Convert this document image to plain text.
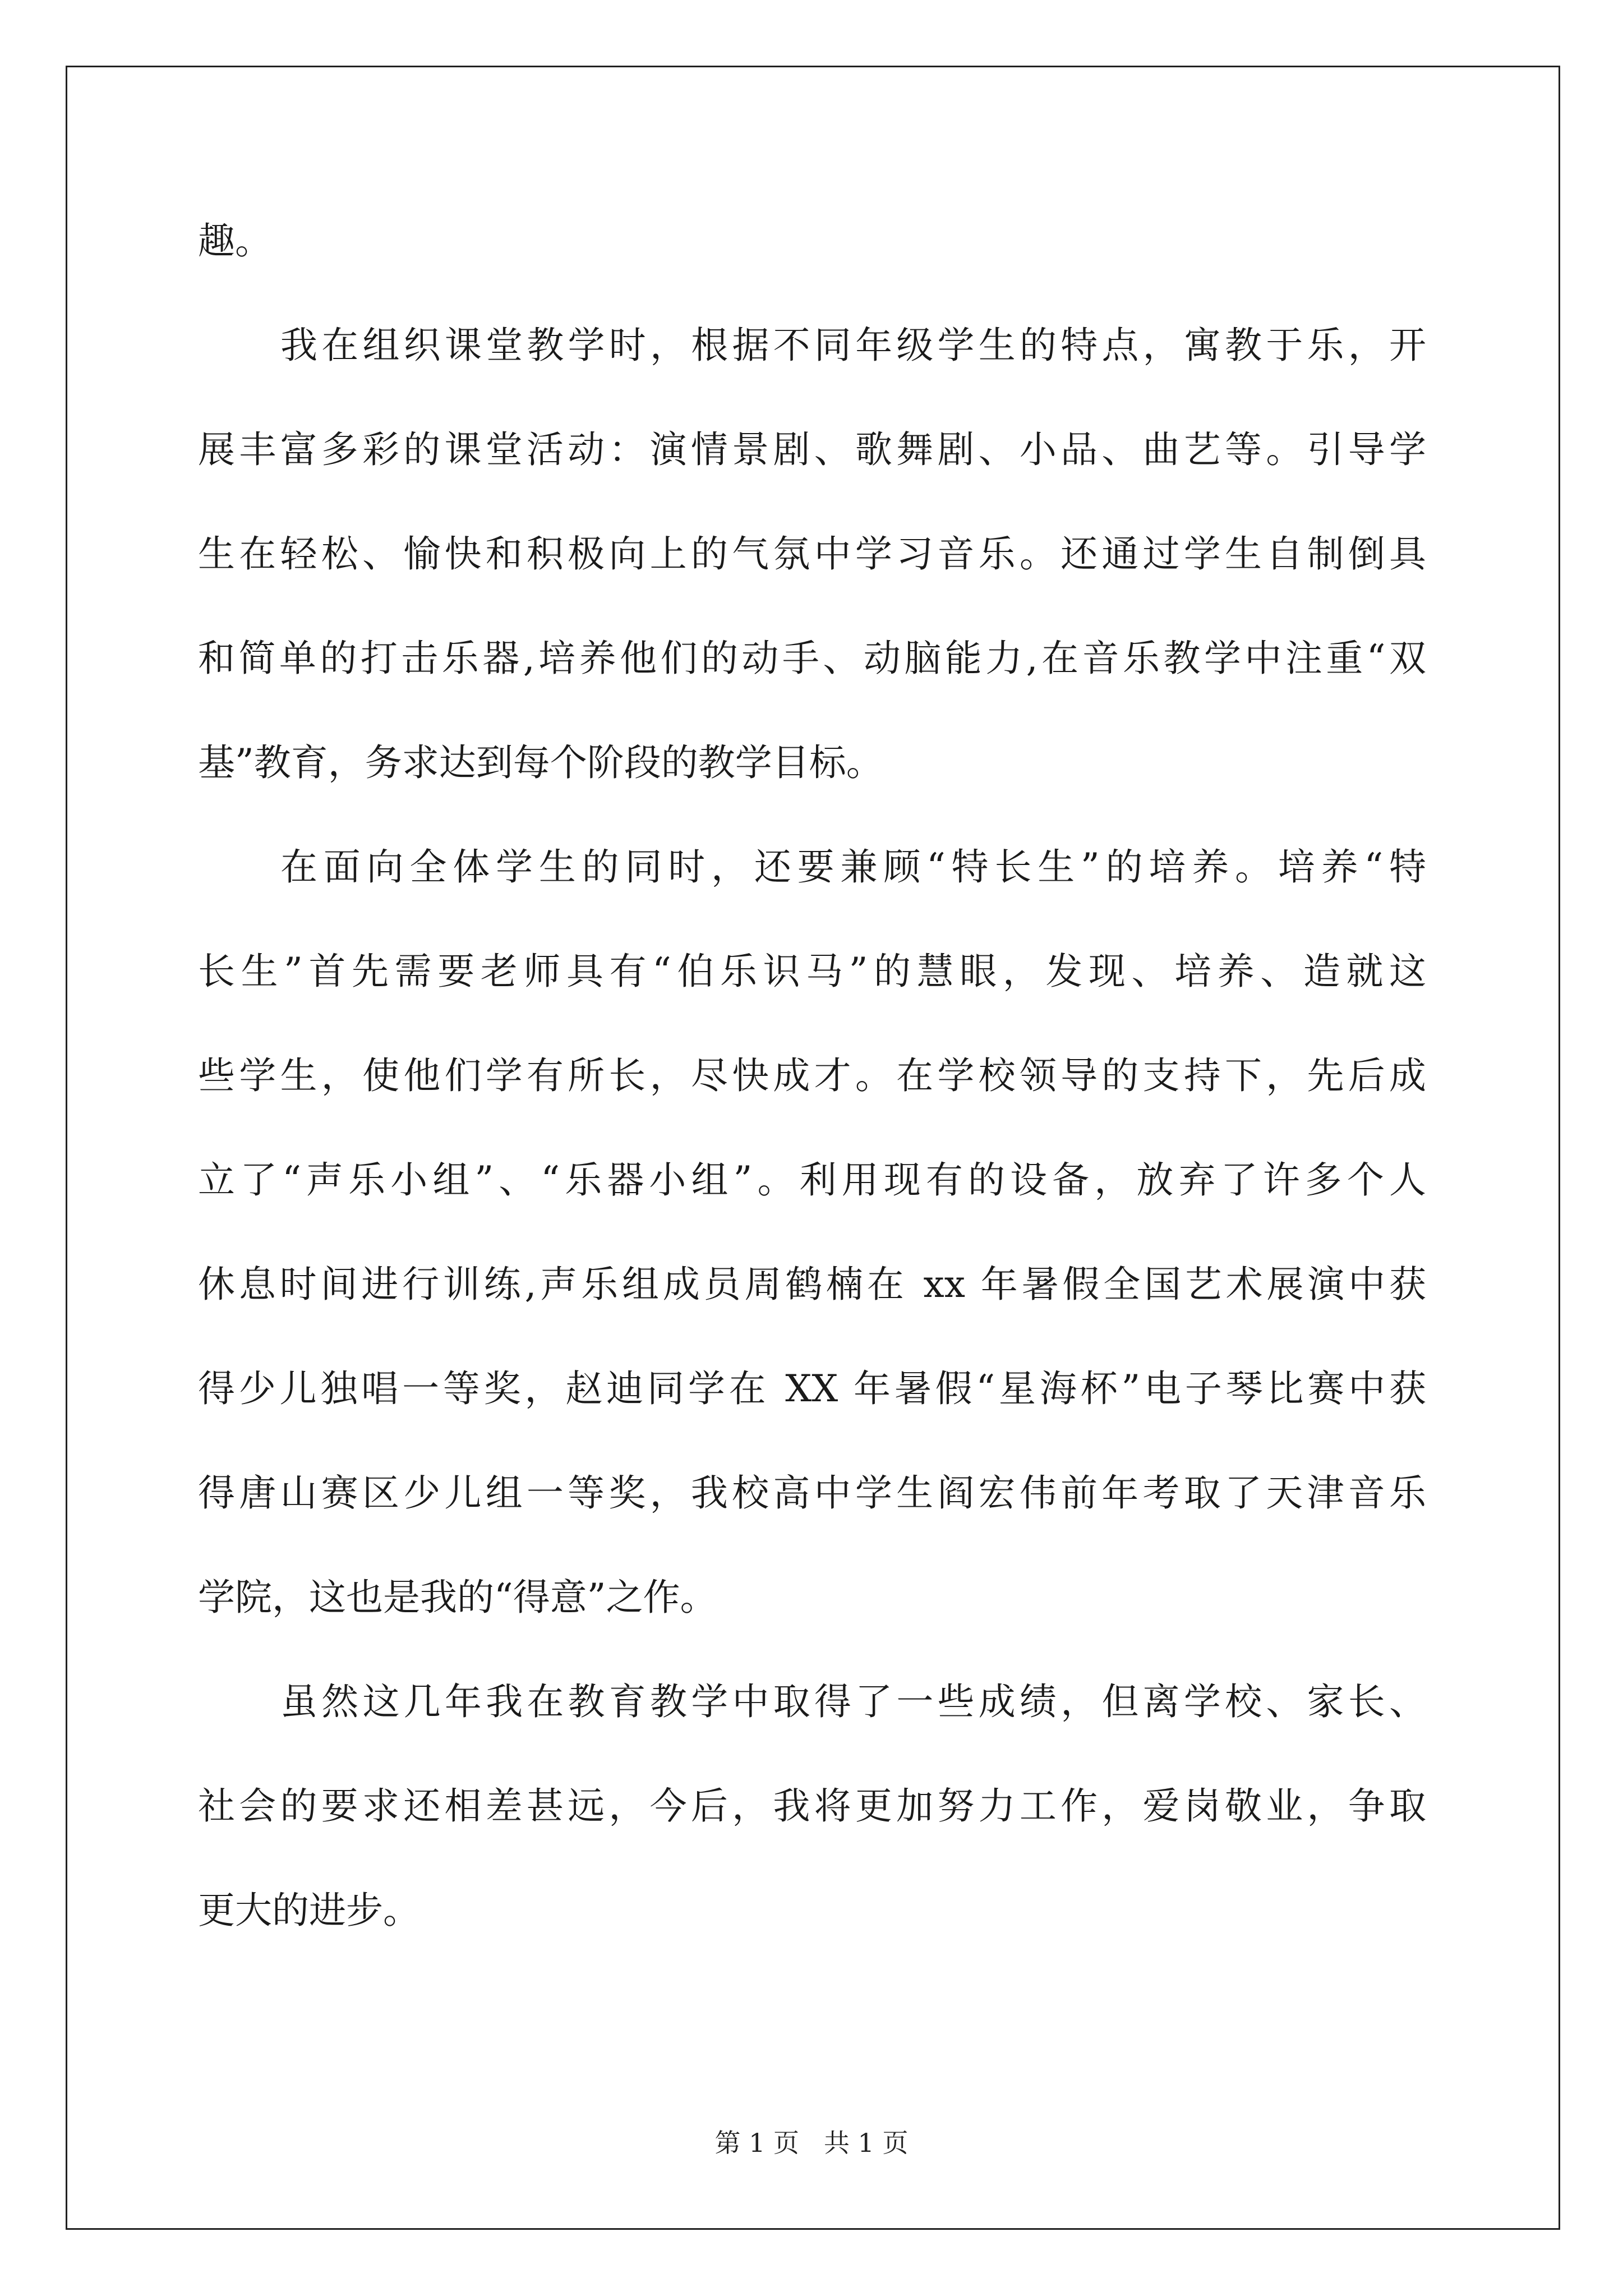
趣。
我在组织课堂教学时，根据不同年级学生的特点，寓教于乐，开
展丰富多彩的课堂活动：演情景剧、歌舞剧、小品、曲艺等。引导学
生在轻松、愉快和积极向上的气氛中学习音乐。还通过学生自制倒具
和简单的打击乐器,培养他们的动手、动脑能力,在音乐教学中注重“双
基”教育，务求达到每个阶段的教学目标。
在面向全体学生的同时，还要兼顾“特长生”的培养。培养“特
长生”首先需要老师具有“伯乐识马”的慧眼，发现、培养、造就这
些学生，使他们学有所长，尽快成才。在学校领导的支持下，先后成
立了“声乐小组”、“乐器小组”。利用现有的设备，放弃了许多个人
休息时间进行训练,声乐组成员周鹤楠在 xx 年暑假全国艺术展演中获
得少儿独唱一等奖，赵迪同学在 XX 年暑假“星海杯”电子琴比赛中获
得唐山赛区少儿组一等奖，我校高中学生阎宏伟前年考取了天津音乐
学院，这也是我的“得意”之作。
虽然这几年我在教育教学中取得了一些成绩，但离学校、家长、
社会的要求还相差甚远，今后，我将更加努力工作，爱岗敬业，争取
更大的进步。
第 1 页 共 1 页
